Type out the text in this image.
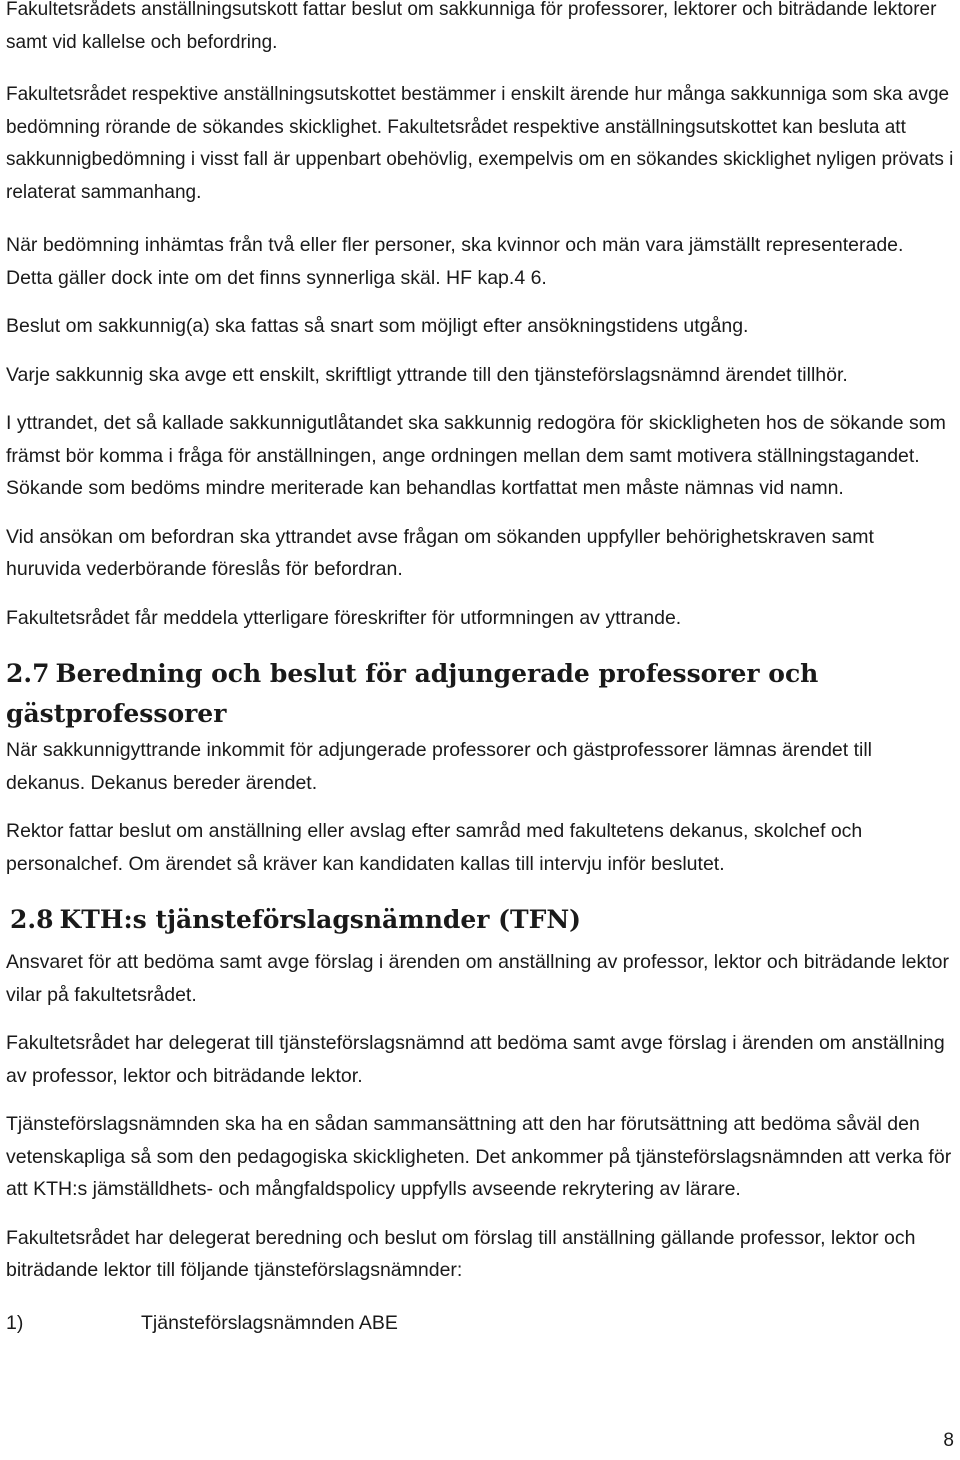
Fakultetsrådets anställningsutskott fattar beslut om sakkunniga för professorer, lektorer och biträdande lektorer samt vid kallelse och befordring.

Fakultetsrådet respektive anställningsutskottet bestämmer i enskilt ärende hur många sakkunniga som ska avge bedömning rörande de sökandes skicklighet. Fakultetsrådet respektive anställningsutskottet kan besluta att sakkunnigbedömning i visst fall är uppenbart obehövlig, exempelvis om en sökandes skicklighet nyligen prövats i relaterat sammanhang.

När bedömning inhämtas från två eller fler personer, ska kvinnor och män vara jämställt representerade. Detta gäller dock inte om det finns synnerliga skäl. HF kap.4 6.

Beslut om sakkunnig(a) ska fattas så snart som möjligt efter ansökningstidens utgång.

Varje sakkunnig ska avge ett enskilt, skriftligt yttrande till den tjänsteförslagsnämnd ärendet tillhör.

I yttrandet, det så kallade sakkunnigutlåtandet ska sakkunnig redogöra för skickligheten hos de sökande som främst bör komma i fråga för anställningen, ange ordningen mellan dem samt motivera ställningstagandet. Sökande som bedöms mindre meriterade kan behandlas kortfattat men måste nämnas vid namn.

Vid ansökan om befordran ska yttrandet avse frågan om sökanden uppfyller behörighetskraven samt huruvida vederbörande föreslås för befordran.

Fakultetsrådet får meddela ytterligare föreskrifter för utformningen av yttrande.

2.7 Beredning och beslut för adjungerade professorer och gästprofessorer

När sakkunnigyttrande inkommit för adjungerade professorer och gästprofessorer lämnas ärendet till dekanus. Dekanus bereder ärendet.

Rektor fattar beslut om anställning eller avslag efter samråd med fakultetens dekanus, skolchef och personalchef. Om ärendet så kräver kan kandidaten kallas till intervju inför beslutet.

2.8 KTH:s tjänsteförslagsnämnder (TFN)

Ansvaret för att bedöma samt avge förslag i ärenden om anställning av professor, lektor och biträdande lektor vilar på fakultetsrådet.

Fakultetsrådet har delegerat till tjänsteförslagsnämnd att bedöma samt avge förslag i ärenden om anställning av professor, lektor och biträdande lektor.

Tjänsteförslagsnämnden ska ha en sådan sammansättning att den har förutsättning att bedöma såväl den vetenskapliga så som den pedagogiska skickligheten. Det ankommer på tjänsteförslagsnämnden att verka för att KTH:s jämställdhets- och mångfaldspolicy uppfylls avseende rekrytering av lärare.

Fakultetsrådet har delegerat beredning och beslut om förslag till anställning gällande professor, lektor och biträdande lektor till följande tjänsteförslagsnämnder:

1)	Tjänsteförslagsnämnden ABE
8
